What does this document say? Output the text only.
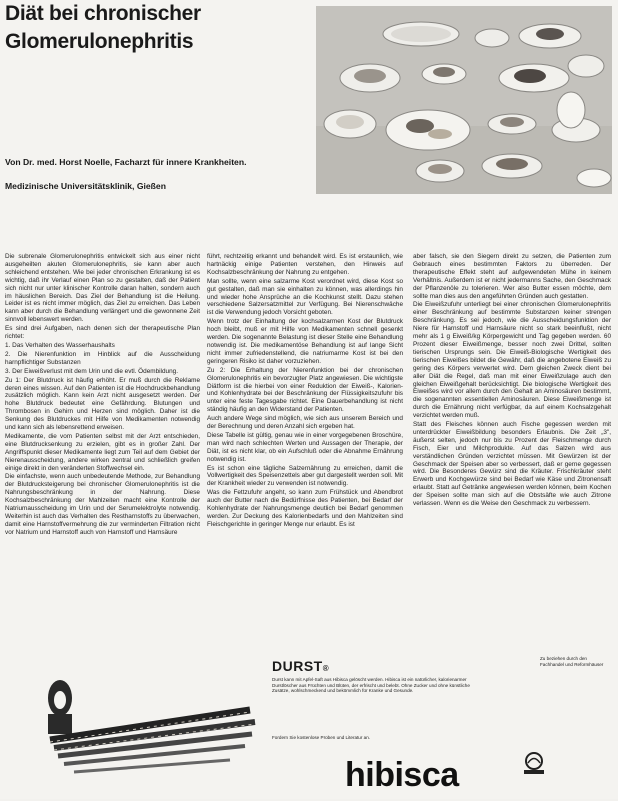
Diät bei chronischer
Glomerulonephritis
Von Dr. med. Horst Noelle, Facharzt für innere Krankheiten.
Medizinische Universitätsklinik, Gießen

Die subrenale Glomerulonephritis entwickelt sich aus einer nicht ausgeheilten akuten Glomerulonephritis, sie kann aber auch schleichend entstehen. Wie bei jeder chronischen Erkrankung ist es wichtig, daß ihr Verlauf einen Plan so zu gestalten, daß der Patient sich nicht nur unter klinischer Kontrolle daran halten, sondern auch im häuslichen Bereich. Das Ziel der Behandlung ist die Heilung. Leider ist es nicht immer möglich, das Ziel zu erreichen. Das Leben kann aber durch die Behandlung verlängert und die gewonnene Zeit sinnvoll lebenswert werden.

Es sind drei Aufgaben, nach denen sich der therapeutische Plan richtet:

1. Das Verhalten des Wasserhaushalts

2. Die Nierenfunktion im Hinblick auf die Ausscheidung harnpflichtiger Substanzen

3. Der Eiweißverlust mit dem Urin und die evtl. Ödembildung.

Zu 1: Der Blutdruck ist häufig erhöht. Er muß durch die Reklame deren eines wissen. Auf den Patienten ist die Hochdruckbehandlung zusätzlich möglich. Kann kein Arzt nicht ausgesetzt werden. Der hohe Blutdruck bedeutet eine Gefährdung. Blutungen und Thrombosen in Gehirn und Herzen sind möglich. Daher ist die Senkung des Blutdruckes mit Hilfe von Medikamenten notwendig und kann sich als lebensrettend erweisen.

Medikamente, die vom Patienten selbst mit der Arzt entschieden, eine Blutdrucksenkung zu erzielen, gibt es in großer Zahl. Der Angriffspunkt dieser Medikamente liegt zum Teil auf dem Gebiet der Nierenausscheidung, andere wirken zentral und schließlich greifen einige direkt in den veränderten Stoffwechsel ein.

Die einfachste, wenn auch unbedeutende Methode, zur Behandlung der Blutdrucksteigerung bei chronischer Glomerulonephritis ist die Nahrungsbeschränkung in der Nahrung. Diese Kochsalzbeschränkung der Mahlzeiten macht eine Kontrolle der Natriumausscheidung im Urin und der Serumelektrolyte notwendig. Weiterhin ist auch das Verhalten des Restharnstoffs zu überwachen, damit eine Harnstoffvermehrung die zur verminderten Filtration nicht vor Natrium und Harnstoff auch von Harnstoff und Harnsäure

führt, rechtzeitig erkannt und behandelt wird. Es ist erstaunlich, wie hartnäckig einige Patienten verstehen, den Hinweis auf Kochsalzbeschränkung der Nahrung zu entgehen.

Man sollte, wenn eine salzarme Kost verordnet wird, diese Kost so gut gestalten, daß man sie einhalten zu können, was allerdings hin und wieder hohe Ansprüche an die Kochkunst stellt. Dazu stehen verschiedene Salzersatzmittel zur Verfügung. Bei Nierenschwäche ist die Verwendung jedoch Vorsicht geboten.

Wenn trotz der Einhaltung der kochsalzarmen Kost der Blutdruck hoch bleibt, muß er mit Hilfe von Medikamenten schnell gesenkt werden. Die sogenannte Belastung ist dieser Stelle eine Behandlung notwendig ist. Die medikamentöse Behandlung ist auf lange Sicht nicht immer zufriedenstellend, die natriumarme Kost ist bei den geringeren Risiko ist daher vorzuziehen.

Zu 2: Die Erhaltung der Nierenfunktion bei der chronischen Glomerulonephritis ein bevorzugter Platz angewiesen. Die wichtigste Diätform ist die hierbei von einer Reduktion der Eiweiß-, Kalorien- und Kohlenhydrate bei der Beschränkung der Flüssigkeitszufuhr bis unter eine feste Tagesgabe richtet. Eine Dauerbehandlung ist nicht ständig häufig an den Widerstand der Patienten.

Auch andere Wege sind möglich, wie sich aus unserem Bereich und der Berechnung und deren Anzahl sich ergeben hat.

Diese Tabelle ist gültig, genau wie in einer vorgegebenen Broschüre, man wird nach schlechten Werten und Aussagen der Therapie, der Diät, ist es nicht klar, ob ein Aufschluß oder die Abnahme Ernährung notwendig ist.

Es ist schon eine tägliche Salzernährung zu erreichen, damit die Vollwertigkeit des Speisenzettels aber gut dargestellt werden soll. Mit der Krankheit wieder zu verwenden ist notwendig.

Was die Fettzufuhr angeht, so kann zum Frühstück und Abendbrot auch der Butter nach die Bedürfnisse des Patienten, bei Bedarf der Kohlenhydrate der Nahrungsmenge deutlich bei Bedarf genommen werden. Zur Deckung des Kalorienbedarfs und den Mahlzeiten sind Fleischgerichte in geringer Menge nur erlaubt. Es ist

aber falsch, sie den Siegern direkt zu setzen, die Patienten zum Gebrauch eines bestimmten Faktors zu überreden. Der therapeutische Effekt steht auf aufgewendeten Mühe in keinem Verhältnis. Außerdem ist er nicht jedermanns Sache, den Geschmack der Pflanzenöle zu tolerieren. Wer also Butter essen möchte, dem sollte man dies aus den angeführten Gründen auch gestatten.

Die Eiweißzufuhr unterliegt bei einer chronischen Glomerulonephritis einer Beschränkung auf bestimmte Substanzen keiner strengen Beschränkung. Es sei jedoch, wie die Ausscheidungsfunktion der Niere für Harnstoff und Harnsäure nicht so stark beeinflußt, nicht mehr als 1 g Eiweiß/kg Körpergewicht und Tag gegeben werden. 60 Prozent dieser Eiweißmenge, besser noch zwei Drittel, sollten tierischen Ursprungs sein. Die Eiweiß-Biologische Wertigkeit des tierischen Eiweißes bildet die Gewähr, daß die angebotene Eiweiß zu gering des Körpers verwertet wird. Dem gleichen Zweck dient bei aller Diät die Regel, daß man mit einer Eiweißzulage auch den gleichen Eiweißgehalt berücksichtigt. Die biologische Wertigkeit des Eiweißes wird vor allem durch den Gehalt an Aminosäuren bestimmt, die sogenannten essentiellen Aminosäuren. Diese Eiweißmenge ist durch die Ernährung nicht verfügbar, da auf einem Kochsalzgehalt verzichtet werden muß.

Statt des Fleisches können auch Fische gegessen werden mit unterdrückter Eiweißbildung besonders Erlaubnis. Die Zeit „3", äußerst selten, jedoch nur bis zu Prozent der Fleischmenge durch Fisch, Eier und Milchprodukte. Auf das Salzen wird aus verständlichen Gründen verzichtet müssen. Mit Gewürzen ist der Geschmack der Speisen aber so verbessert, daß er gerne gegessen wird. Die Besonderes Gewürz sind die Kräuter. Frischkräuter steht Erwerb und Kochgewürze sind bei Bedarf wie Käse und Zitronensaft erlaubt. Statt auf Getränke angewiesen werden können, beim Kochen der Speisen sollte man sich auf die Obstsäfte wie auch Zitrone verlassen. Wenn es die Weise den Geschmack zu verbessern.

DURST®
Durst kann mit Apfel-Saft aus Hibisca gelöscht werden. Hibisca ist ein natürlicher, kalorienarmer Durstlöscher aus Früchten und Blüten, der erfrischt und belebt. Ohne Zucker und ohne künstliche Zusätze, wohlschmeckend und bekömmlich für Kranke und Gesunde.
Fordern Sie kostenlose Proben und Literatur an.
hibisca
Zu beziehen durch den Fachhandel und Reformhäuser
